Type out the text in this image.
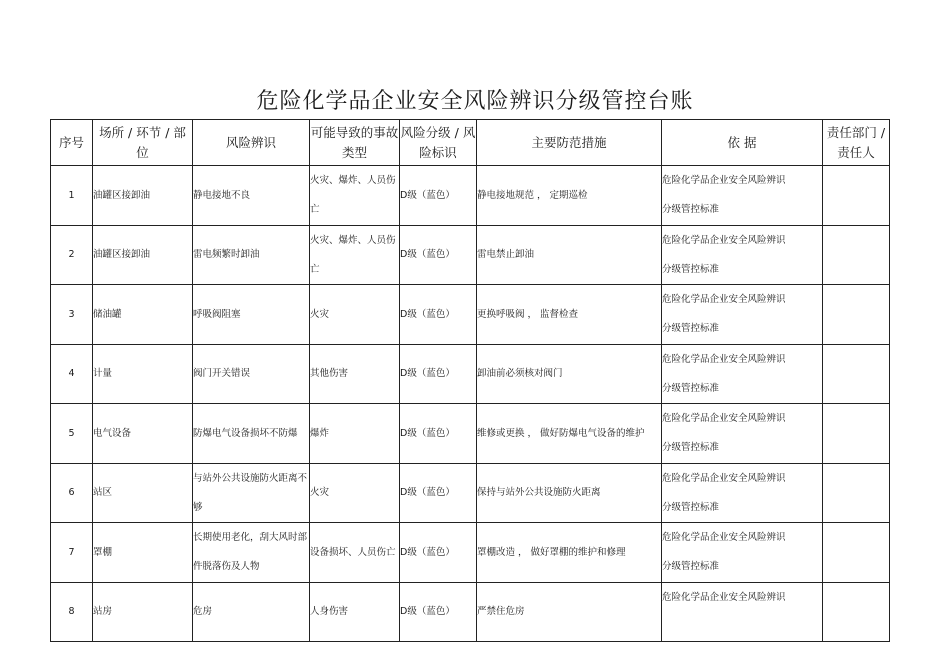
危险化学品企业安全风险辨识分级管控台账
序号	场所 / 环节 / 部位	风险辨识	可能导致的事故类型	风险分级 / 风险标识	主要防范措施	依 据	责任部门 / 责任人
1	油罐区接卸油	静电接地不良	火灾、爆炸、人员伤亡	D级（蓝色）	静电接地规范 ， 定期巡检	危险化学品企业安全风险辨识
分级管控标准	

2	油罐区接卸油	雷电频繁时卸油	火灾、爆炸、人员伤亡	D级（蓝色）	雷电禁止卸油	危险化学品企业安全风险辨识
分级管控标准	

3	储油罐	呼吸阀阻塞	火灾	D级（蓝色）	更换呼吸阀 ， 监督检查	危险化学品企业安全风险辨识
分级管控标准	

4	计量	阀门开关错误	其他伤害	D级（蓝色）	卸油前必须核对阀门	危险化学品企业安全风险辨识
分级管控标准	

5	电气设备	防爆电气设备损坏不防爆	爆炸	D级（蓝色）	维修或更换 ， 做好防爆电气设备的维护	危险化学品企业安全风险辨识
分级管控标准	

6	站区	与站外公共设施防火距离不够	火灾	D级（蓝色）	保持与站外公共设施防火距离	危险化学品企业安全风险辨识
分级管控标准	

7	罩棚	长期使用老化，刮大风时部件脱落伤及人物	设备损坏、人员伤亡	D级（蓝色）	罩棚改造 ， 做好罩棚的维护和修理	危险化学品企业安全风险辨识
分级管控标准	

8	站房	危房	人身伤害	D级（蓝色）	严禁住危房	危险化学品企业安全风险辨识	
